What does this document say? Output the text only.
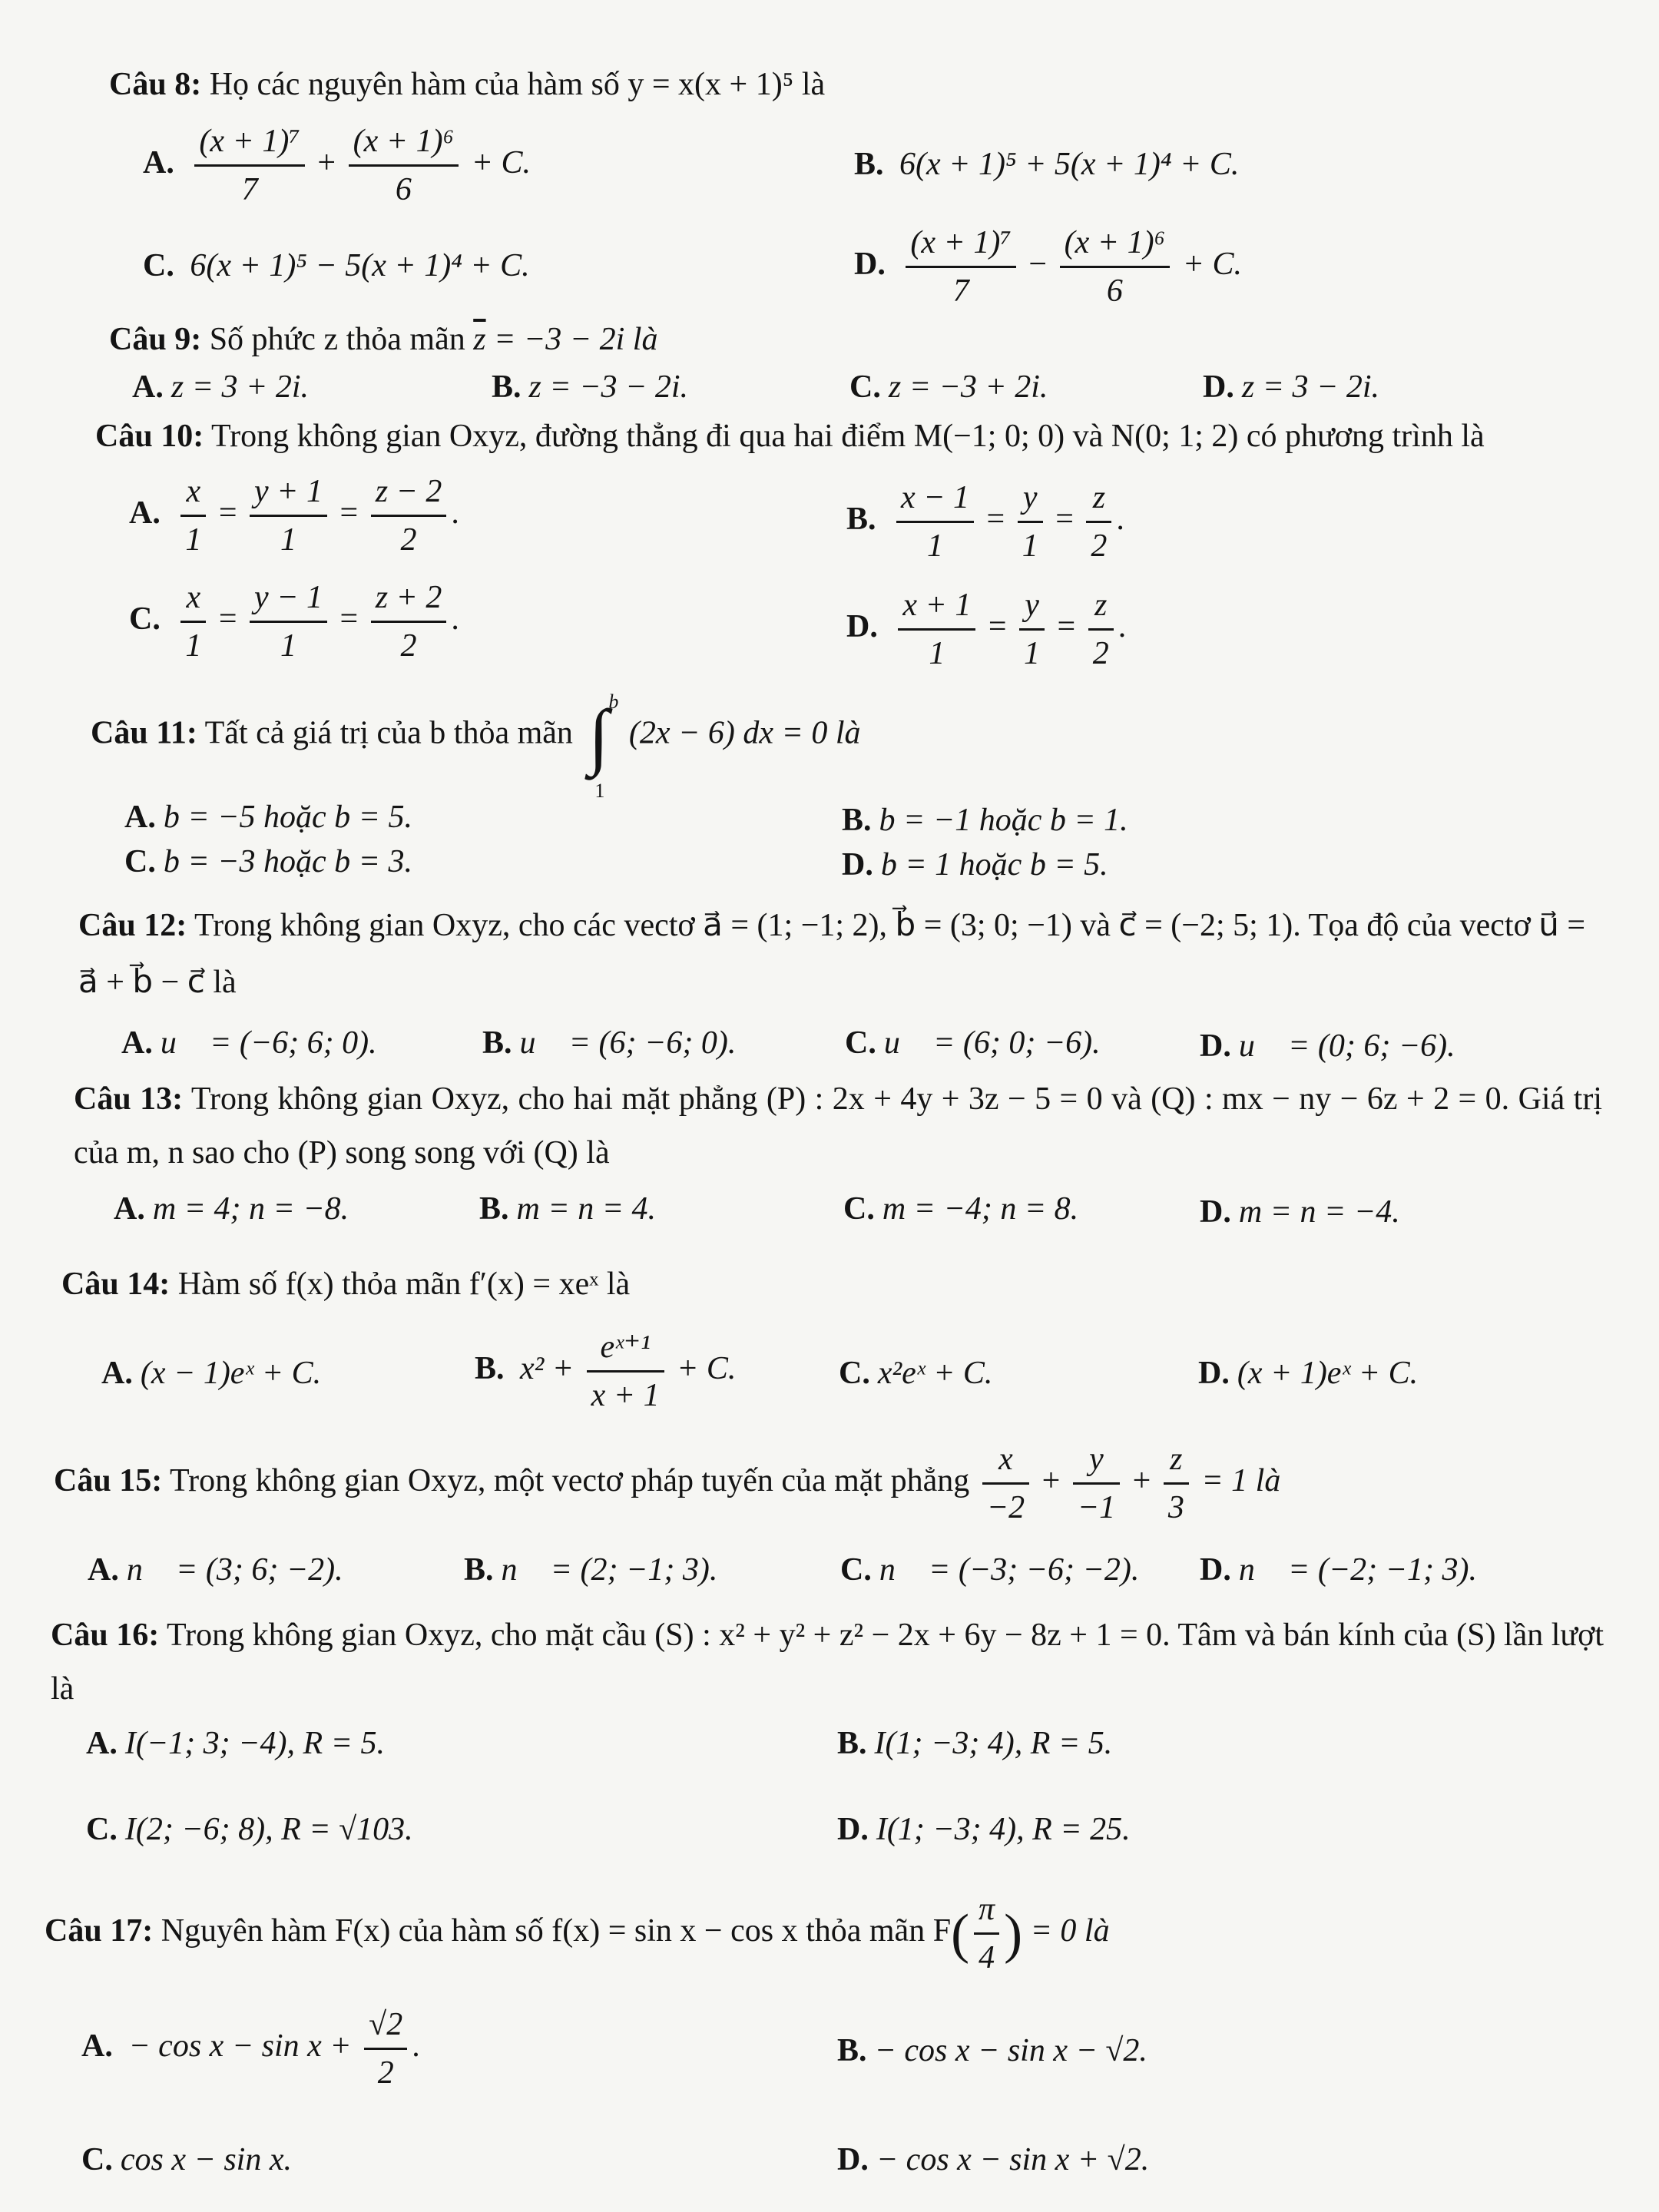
Câu 8: Họ các nguyên hàm của hàm số y = x(x + 1)⁵ là
A. $\frac{\text{(x + 1)⁷}}{7} + \frac{\text{(x + 1)⁶}}{6} + C$.	B. 6(x + 1)⁵ + 5(x + 1)⁴ + C.
C. 6(x + 1)⁵ − 5(x + 1)⁴ + C.	D. $\frac{\text{(x + 1)⁷}}{7} - \frac{\text{(x + 1)⁶}}{6} + C$.
Câu 9: Số phức z thỏa mãn $\overline{z} = -3 - 2i$ là
A. z = 3 + 2i.	B. z = −3 − 2i.	C. z = −3 + 2i.	D. z = 3 − 2i.
Câu 10: Trong không gian Oxyz, đường thẳng đi qua hai điểm M(−1; 0; 0) và N(0; 1; 2) có phương trình là
A. $\frac{x}{1} = \frac{y + 1}{1} = \frac{z - 2}{2}$ .	B. $\frac{x - 1}{1} = \frac{y}{1} = \frac{z}{2}$ .
C. $\frac{x}{1} = \frac{y - 1}{1} = \frac{z + 2}{2}$ .	D. $\frac{x + 1}{1} = \frac{y}{1} = \frac{z}{2}$ .
Câu 11: Tất cả giá trị của b thỏa mãn ∫ b
1
(2x − 6) dx = 0 là
A. b = −5 hoặc b = 5.	B. b = −1 hoặc b = 1.
C. b = −3 hoặc b = 3.	D. b = 1 hoặc b = 5.
Câu 12: Trong không gian Oxyz, cho các vectơ a⃗ = (1; −1; 2), b⃗ = (3; 0; −1) và c⃗ = (−2; 5; 1). Tọa độ của vectơ u⃗ = a⃗ + b⃗ − c⃗ là
A. u⃗ = (−6; 6; 0).	B. u⃗ = (6; −6; 0).	C. u⃗ = (6; 0; −6).	D. u⃗ = (0; 6; −6).
Câu 13: Trong không gian Oxyz, cho hai mặt phẳng (P) : 2x + 4y + 3z − 5 = 0 và (Q) : mx − ny − 6z + 2 = 0. Giá trị của m, n sao cho (P) song song với (Q) là
A. m = 4; n = −8.	B. m = n = 4.	C. m = −4; n = 8.	D. m = n = −4.
Câu 14: Hàm số f(x) thỏa mãn f′(x) = xeˣ là
A. (x − 1)eˣ + C.	B. $x^2 + \frac{\text{eˣ⁺¹}}{x + 1} + C$.	C. x²eˣ + C.	D. (x + 1)eˣ + C.
Câu 15: Trong không gian Oxyz, một vectơ pháp tuyến của mặt phẳng $\frac{x}{-2} + \frac{y}{-1} + \frac{z}{3} = 1$ là
A. n⃗ = (3; 6; −2).	B. n⃗ = (2; −1; 3).	C. n⃗ = (−3; −6; −2). D. n⃗ = (−2; −1; 3).
Câu 16: Trong không gian Oxyz, cho mặt cầu (S) : x² + y² + z² − 2x + 6y − 8z + 1 = 0. Tâm và bán kính của (S) lần lượt là
A. I(−1; 3; −4), R = 5.	B. I(1; −3; 4), R = 5.
C. I(2; −6; 8), R = √103.	D. I(1; −3; 4), R = 25.
Câu 17: Nguyên hàm F(x) của hàm số f(x) = sin x − cos x thỏa mãn $F( \frac{\pi}{4}$ ) = 0 là
A. − $\cos x - \sin x + \frac{√2}{2}$ .	B. − cos x − sin x − √2.
C. cos x − sin x.	D. − cos x − sin x + √2.
